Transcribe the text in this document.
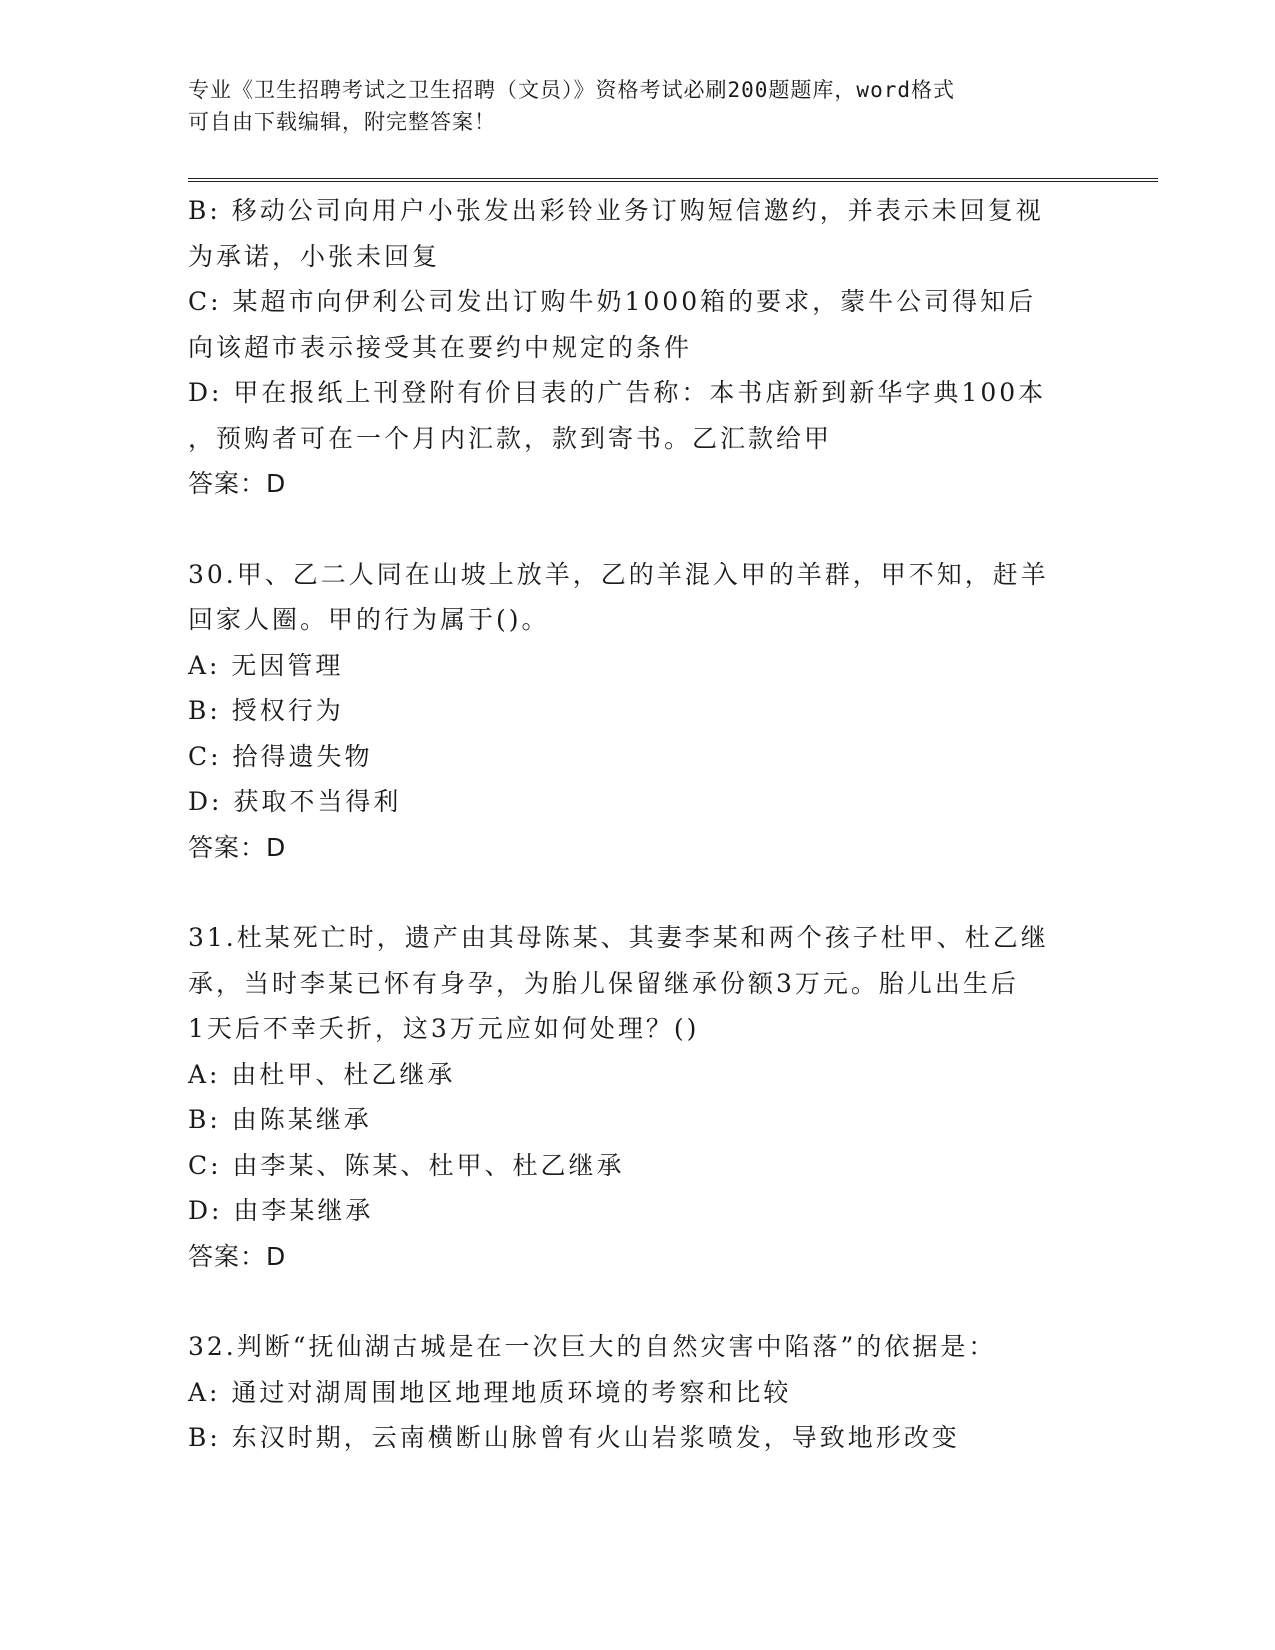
专业《卫生招聘考试之卫生招聘（文员）》资格考试必刷200题题库，word格式
可自由下载编辑，附完整答案！
B: 移动公司向用户小张发出彩铃业务订购短信邀约，并表示未回复视
为承诺，小张未回复
C: 某超市向伊利公司发出订购牛奶1000箱的要求，蒙牛公司得知后
向该超市表示接受其在要约中规定的条件
D: 甲在报纸上刊登附有价目表的广告称：本书店新到新华字典100本
，预购者可在一个月内汇款，款到寄书。乙汇款给甲
答案：D
30.甲、乙二人同在山坡上放羊，乙的羊混入甲的羊群，甲不知，赶羊
回家人圈。甲的行为属于()。
A: 无因管理
B: 授权行为
C: 拾得遗失物
D: 获取不当得利
答案：D
31.杜某死亡时，遗产由其母陈某、其妻李某和两个孩子杜甲、杜乙继
承，当时李某已怀有身孕，为胎儿保留继承份额3万元。胎儿出生后
1天后不幸夭折，这3万元应如何处理？()
A: 由杜甲、杜乙继承
B: 由陈某继承
C: 由李某、陈某、杜甲、杜乙继承
D: 由李某继承
答案：D
32.判断“抚仙湖古城是在一次巨大的自然灾害中陷落”的依据是：
A: 通过对湖周围地区地理地质环境的考察和比较
B: 东汉时期，云南横断山脉曾有火山岩浆喷发，导致地形改变
